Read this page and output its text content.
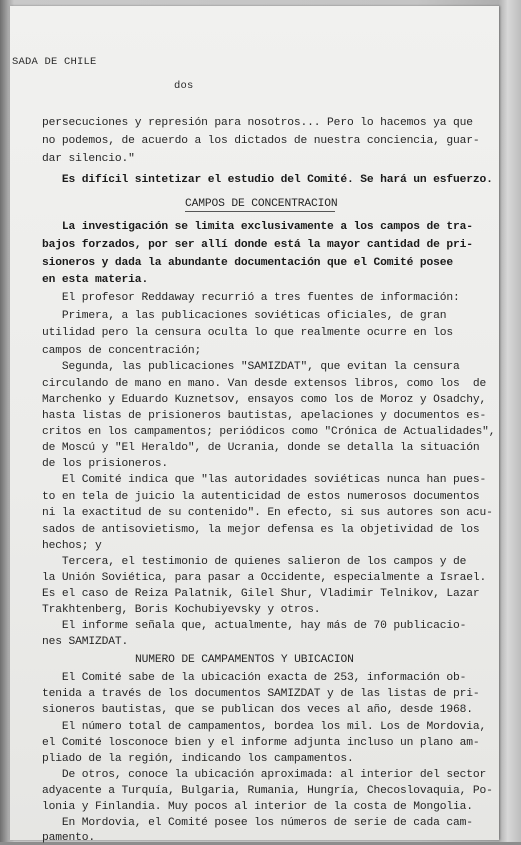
SADA DE CHILE
dos
persecuciones y represión para nosotros... Pero lo hacemos ya que
no podemos, de acuerdo a los dictados de nuestra conciencia, guar-
dar silencio."
Es difícil sintetizar el estudio del Comité. Se hará un esfuerzo.
CAMPOS DE CONCENTRACION
La investigación se limita exclusivamente a los campos de tra-
bajos forzados, por ser allí donde está la mayor cantidad de pri-
sioneros y dada la abundante documentación que el Comité posee
en esta materia.
El profesor Reddaway recurrió a tres fuentes de información:
Primera, a las publicaciones soviéticas oficiales, de gran
utilidad pero la censura oculta lo que realmente ocurre en los
campos de concentración;
Segunda, las publicaciones "SAMIZDAT", que evitan la censura
circulando de mano en mano. Van desde extensos libros, como los  de
Marchenko y Eduardo Kuznetsov, ensayos como los de Moroz y Osadchy,
hasta listas de prisioneros bautistas, apelaciones y documentos es-
critos en los campamentos; periódicos como "Crónica de Actualidades",
de Moscú y "El Heraldo", de Ucrania, donde se detalla la situación
de los prisioneros.
El Comité indica que "las autoridades soviéticas nunca han pues-
to en tela de juicio la autenticidad de estos numerosos documentos
ni la exactitud de su contenido". En efecto, si sus autores son acu-
sados de antisovietismo, la mejor defensa es la objetividad de los
hechos; y
Tercera, el testimonio de quienes salieron de los campos y de
la Unión Soviética, para pasar a Occidente, especialmente a Israel.
Es el caso de Reiza Palatnik, Gilel Shur, Vladimir Telnikov, Lazar
Trakhtenberg, Boris Kochubiyevsky y otros.
El informe señala que, actualmente, hay más de 70 publicacio-
nes SAMIZDAT.
NUMERO DE CAMPAMENTOS Y UBICACION
El Comité sabe de la ubicación exacta de 253, información ob-
tenida a través de los documentos SAMIZDAT y de las listas de pri-
sioneros bautistas, que se publican dos veces al año, desde 1968.
El número total de campamentos, bordea los mil. Los de Mordovia,
el Comité losconoce bien y el informe adjunta incluso un plano am-
pliado de la región, indicando los campamentos.
De otros, conoce la ubicación aproximada: al interior del sector
adyacente a Turquía, Bulgaria, Rumania, Hungría, Checoslovaquia, Po-
lonia y Finlandia. Muy pocos al interior de la costa de Mongolia.
En Mordovia, el Comité posee los números de serie de cada cam-
pamento.
